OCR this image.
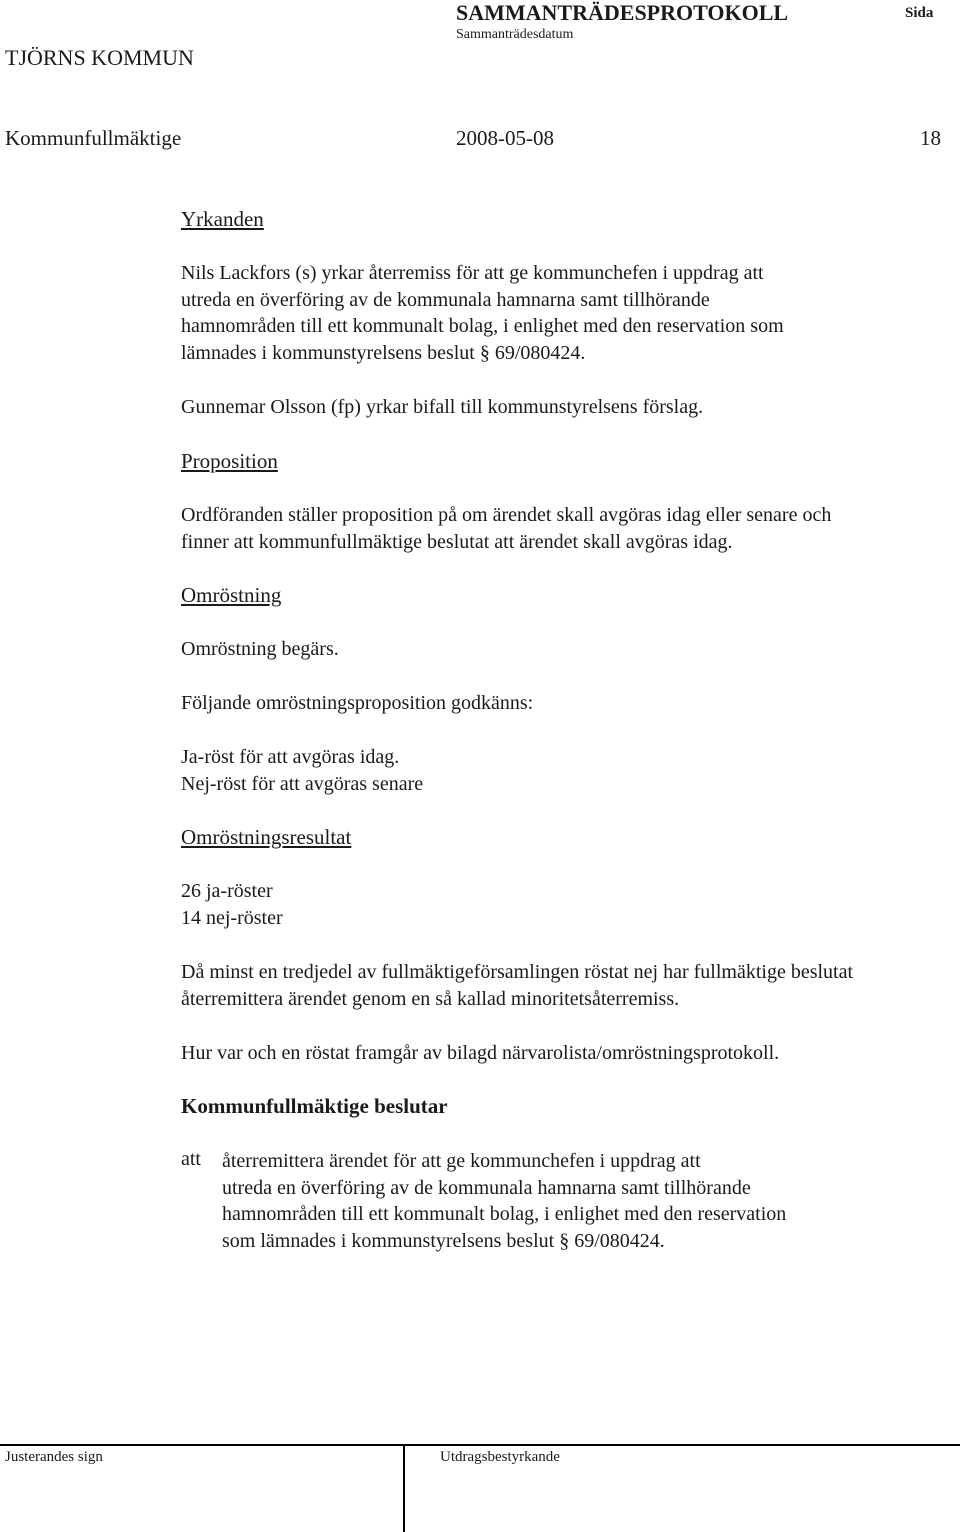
SAMMANTRÄDESPROTOKOLL	Sida
Sammanträdesdatum
TJÖRNS KOMMUN
Kommunfullmäktige	2008-05-08	18
Yrkanden

Nils Lackfors (s) yrkar återremiss för att ge kommunchefen i uppdrag att

utreda en överföring av de kommunala hamnarna samt tillhörande

hamnområden till ett kommunalt bolag, i enlighet med den reservation som

lämnades i kommunstyrelsens beslut § 69/080424.

Gunnemar Olsson (fp) yrkar bifall till kommunstyrelsens förslag.
Proposition

Ordföranden ställer proposition på om ärendet skall avgöras idag eller senare och

finner att kommunfullmäktige beslutat att ärendet skall avgöras idag.

Omröstning
Omröstning begärs.
Följande omröstningsproposition godkänns:
Ja-röst för att avgöras idag.
Nej-röst för att avgöras senare
Omröstningsresultat
26 ja-röster
14 nej-röster

Då minst en tredjedel av fullmäktigeförsamlingen röstat nej har fullmäktige beslutat

återremittera ärendet genom en så kallad minoritetsåterremiss.

Hur var och en röstat framgår av bilagd närvarolista/omröstningsprotokoll.
Kommunfullmäktige beslutar
att återremittera ärendet för att ge kommunchefen i uppdrag att

utreda en överföring av de kommunala hamnarna samt tillhörande

hamnområden till ett kommunalt bolag, i enlighet med den reservation

som lämnades i kommunstyrelsens beslut § 69/080424.

Justerandes sign	Utdragsbestyrkande
